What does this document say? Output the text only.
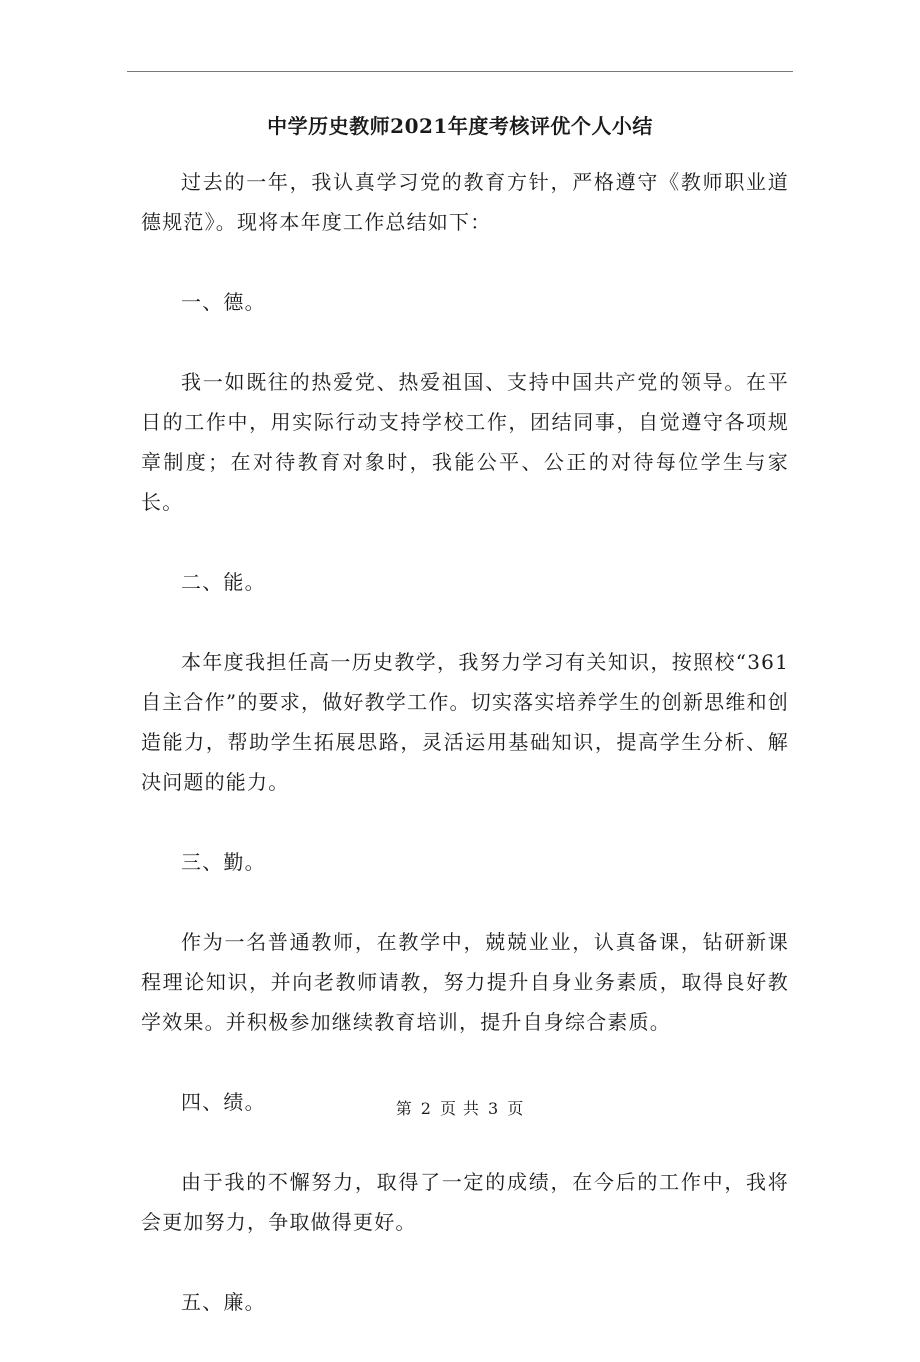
中学历史教师2021年度考核评优个人小结

过去的一年，我认真学习党的教育方针，严格遵守《教师职业道德规范》。现将本年度工作总结如下：

一、德。

我一如既往的热爱党、热爱祖国、支持中国共产党的领导。在平日的工作中，用实际行动支持学校工作，团结同事，自觉遵守各项规章制度；在对待教育对象时，我能公平、公正的对待每位学生与家长。

二、能。

本年度我担任高一历史教学，我努力学习有关知识，按照校“361自主合作”的要求，做好教学工作。切实落实培养学生的创新思维和创造能力，帮助学生拓展思路，灵活运用基础知识，提高学生分析、解决问题的能力。

三、勤。

作为一名普通教师，在教学中，兢兢业业，认真备课，钻研新课程理论知识，并向老教师请教，努力提升自身业务素质，取得良好教学效果。并积极参加继续教育培训，提升自身综合素质。

四、绩。

由于我的不懈努力，取得了一定的成绩，在今后的工作中，我将会更加努力，争取做得更好。

五、廉。

第 2 页 共 3 页
